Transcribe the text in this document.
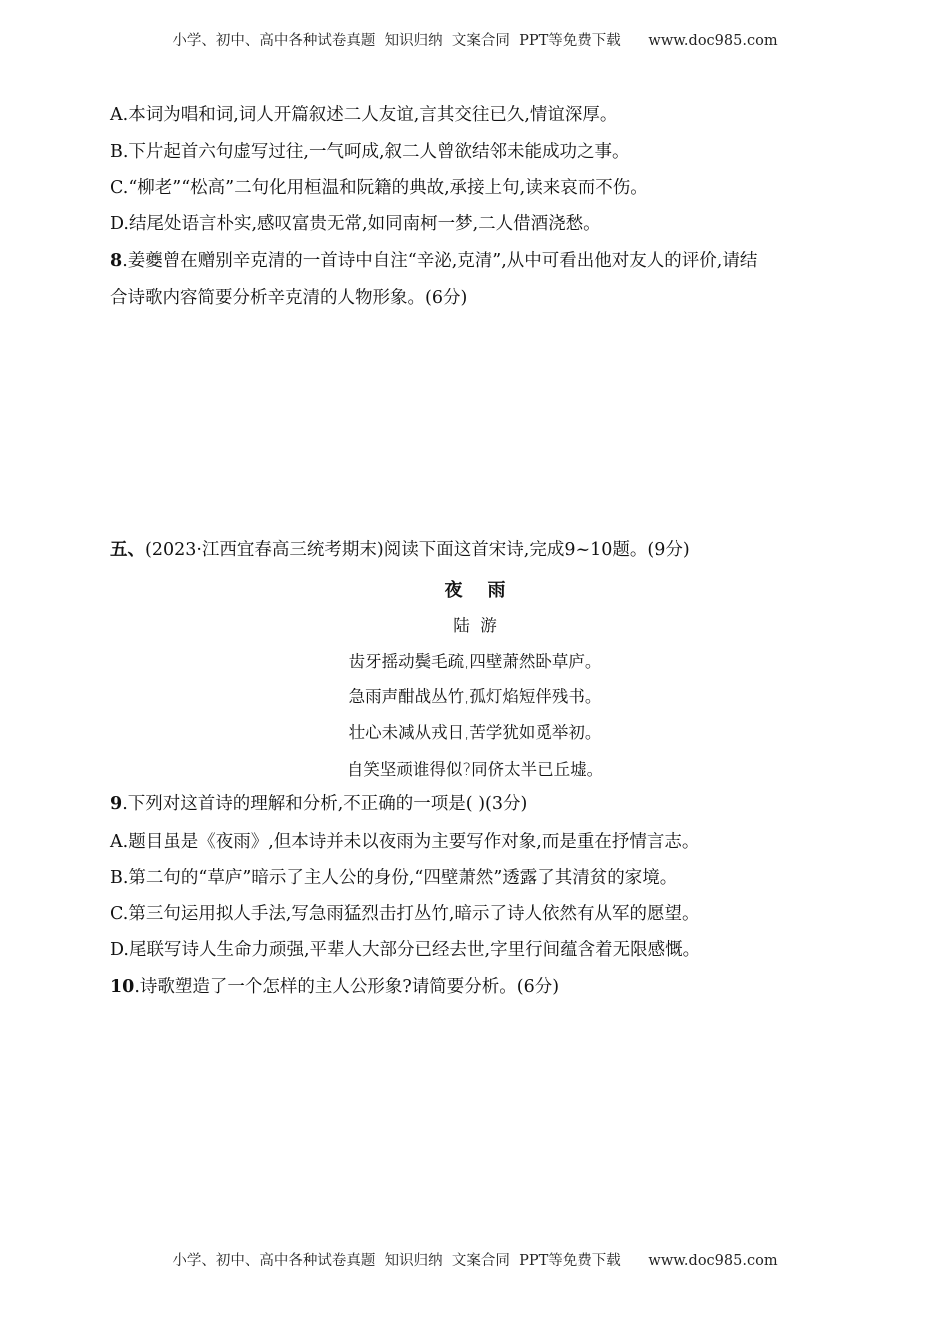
小学、初中、高中各种试卷真题  知识归纳  文案合同  PPT等免费下载 www.doc985.com
A.本词为唱和词,词人开篇叙述二人友谊,言其交往已久,情谊深厚。
B.下片起首六句虚写过往,一气呵成,叙二人曾欲结邻未能成功之事。
C.“柳老”“松高”二句化用桓温和阮籍的典故,承接上句,读来哀而不伤。
D.结尾处语言朴实,感叹富贵无常,如同南柯一梦,二人借酒浇愁。
8.姜夔曾在赠别辛克清的一首诗中自注“辛泌,克清”,从中可看出他对友人的评价,请结
合诗歌内容简要分析辛克清的人物形象。(6分)
五、(2023·江西宜春高三统考期末)阅读下面这首宋诗,完成9~10题。(9分)
夜    雨
陆  游
齿牙摇动鬓毛疏,四壁萧然卧草庐。
急雨声酣战丛竹,孤灯焰短伴残书。
壮心未减从戎日,苦学犹如觅举初。
自笑坚顽谁得似?同侪太半已丘墟。
9.下列对这首诗的理解和分析,不正确的一项是( )(3分)
A.题目虽是《夜雨》,但本诗并未以夜雨为主要写作对象,而是重在抒情言志。
B.第二句的“草庐”暗示了主人公的身份,“四壁萧然”透露了其清贫的家境。
C.第三句运用拟人手法,写急雨猛烈击打丛竹,暗示了诗人依然有从军的愿望。
D.尾联写诗人生命力顽强,平辈人大部分已经去世,字里行间蕴含着无限感慨。
10.诗歌塑造了一个怎样的主人公形象?请简要分析。(6分)
小学、初中、高中各种试卷真题  知识归纳  文案合同  PPT等免费下载 www.doc985.com
